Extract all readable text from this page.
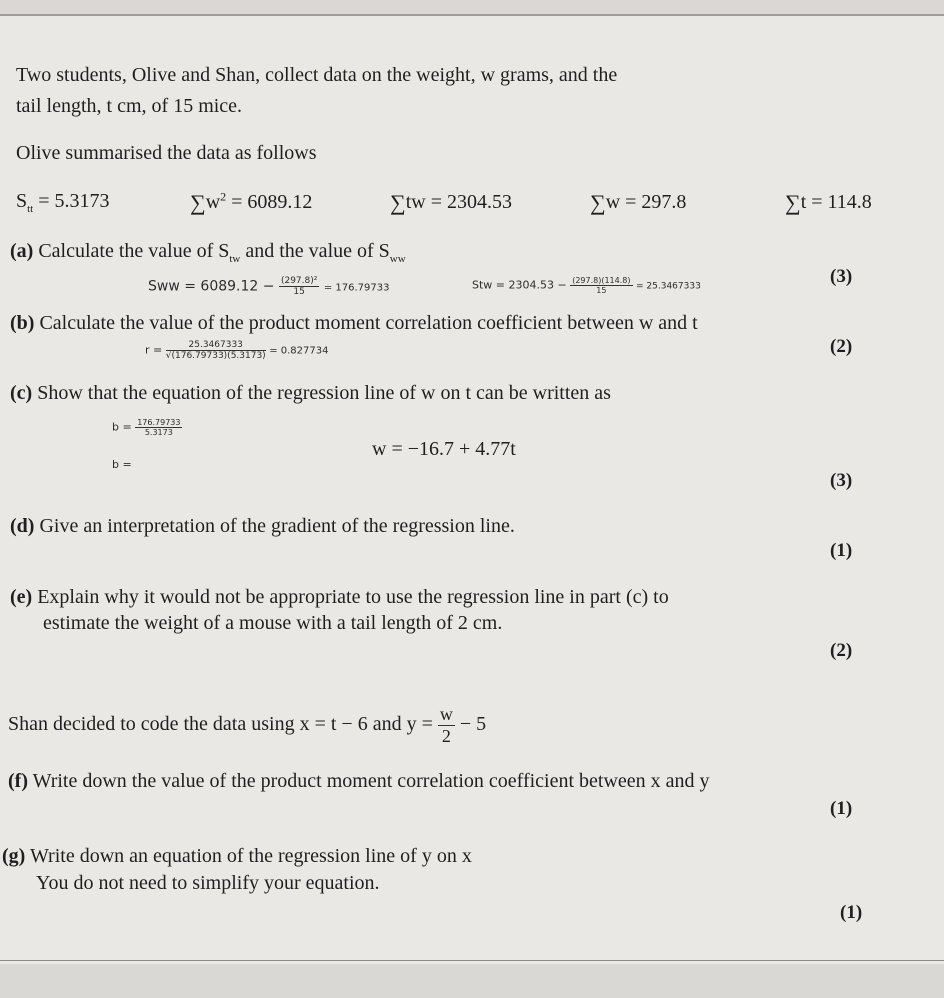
Two students, Olive and Shan, collect data on the weight, w grams, and the
tail length, t cm, of 15 mice.
Olive summarised the data as follows
$S_{tt} = 5.3173$	$\sum w^2 = 6089.12$	∑tw = 2304.53	∑w = 297.8	∑t = 114.8
(a) Calculate the value of $S_{tw}$ and the value of $S_{ww}$
Sww = $6089.12 - \frac{\text{(297.8)²}}{15} = 176.79733$	Stw = $2304.53 - \frac{(297.8)(114.8)}{15} = 25.3467333$	(3)
(b) Calculate the value of the product moment correlation coefficient between w and t
$r = \frac{25.3467333}{√(176.79733)(5.3173)} = 0.827734$	(2)
(c) Show that the equation of the regression line of w on t can be written as
$b = \frac{176.79733}{5.3173}$
b =
w = −16.7 + 4.77t
(3)
(d) Give an interpretation of the gradient of the regression line.
(1)
(e) Explain why it would not be appropriate to use the regression line in part (c) to
estimate the weight of a mouse with a tail length of 2 cm.
(2)
Shan decided to code the data using x = t − 6 and $y = \frac{w}{2} - 5$
(f) Write down the value of the product moment correlation coefficient between x and y
(1)
(g) Write down an equation of the regression line of y on x
You do not need to simplify your equation.
(1)
